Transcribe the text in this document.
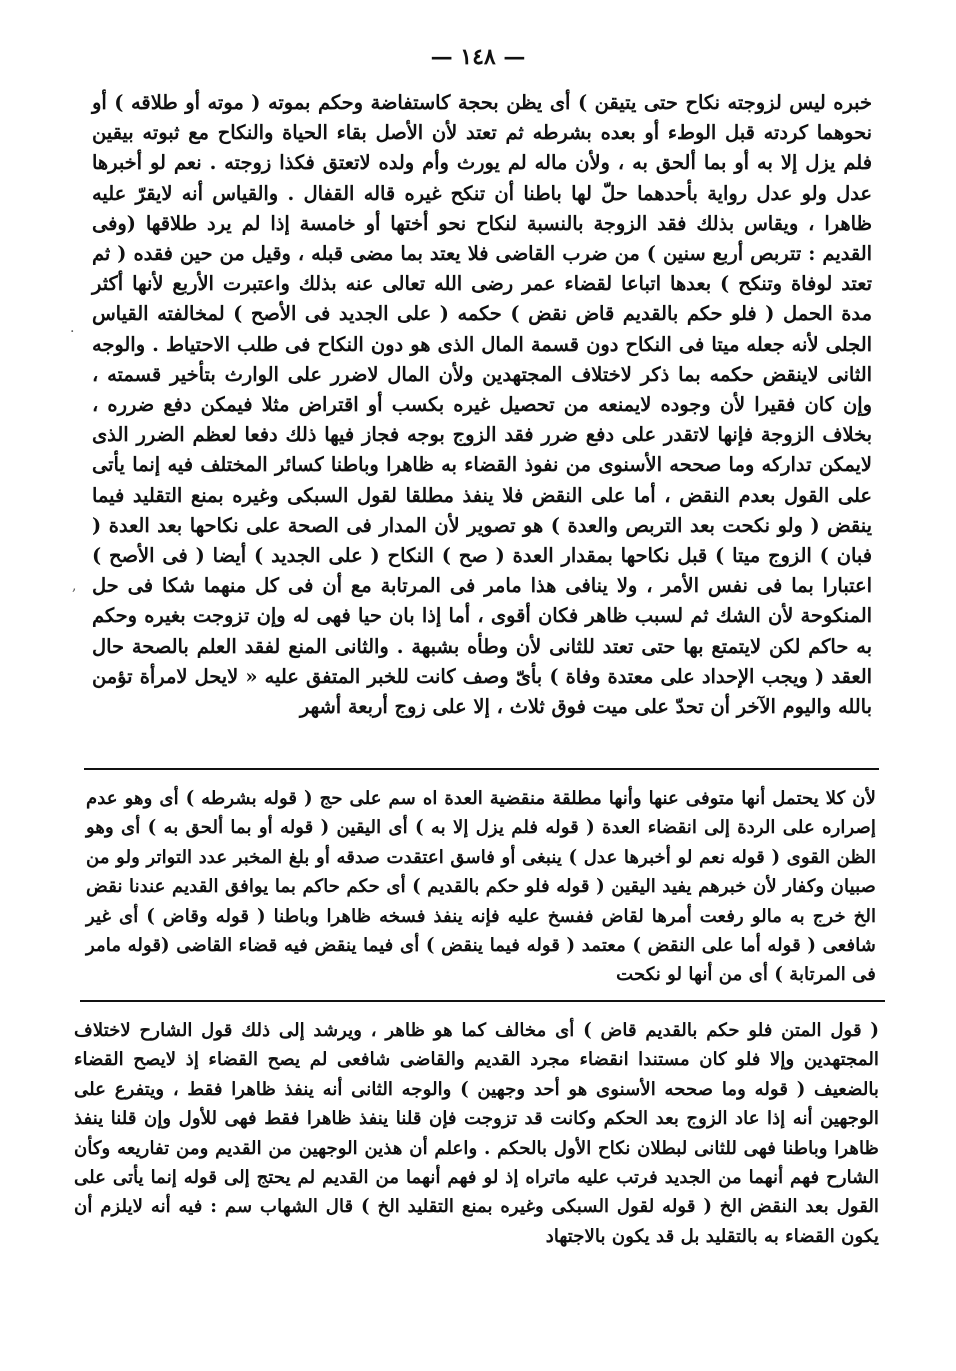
— ١٤٨ —

خبره ليس لزوجته نكاح حتى يتيقن ) أى يظن بحجة كاستفاضة وحكم بموته ( موته أو طلاقه ) أو نحوهما كردته قبل الوطء أو بعده بشرطه ثم تعتد لأن الأصل بقاء الحياة والنكاح مع ثبوته بيقين فلم يزل إلا به أو بما ألحق به ، ولأن ماله لم يورث وأم ولده لاتعتق فكذا زوجته . نعم لو أخبرها عدل ولو عدل رواية بأحدهما حلّ لها باطنا أن تنكح غيره قاله القفال . والقياس أنه لايقرّ عليه ظاهرا ، ويقاس بذلك فقد الزوجة بالنسبة لنكاح نحو أختها أو خامسة إذا لم يرد طلاقها (وفى القديم : تتربص أربع سنين ) من ضرب القاضى فلا يعتد بما مضى قبله ، وقيل من حين فقده ( ثم تعتد لوفاة وتنكح ) بعدها اتباعا لقضاء عمر رضى الله تعالى عنه بذلك واعتبرت الأربع لأنها أكثر مدة الحمل ( فلو حكم بالقديم قاض نقض ) حكمه ( على الجديد فى الأصح ) لمخالفته القياس الجلى لأنه جعله ميتا فى النكاح دون قسمة المال الذى هو دون النكاح فى طلب الاحتياط . والوجه الثانى لاينقض حكمه بما ذكر لاختلاف المجتهدين ولأن المال لاضرر على الوارث بتأخير قسمته ، وإن كان فقيرا لأن وجوده لايمنعه من تحصيل غيره بكسب أو اقتراض مثلا فيمكن دفع ضرره ، بخلاف الزوجة فإنها لاتقدر على دفع ضرر فقد الزوج بوجه فجاز فيها ذلك دفعا لعظم الضرر الذى لايمكن تداركه وما صححه الأسنوى من نفوذ القضاء به ظاهرا وباطنا كسائر المختلف فيه إنما يأتى على القول بعدم النقض ، أما على النقض فلا ينفذ مطلقا لقول السبكى وغيره بمنع التقليد فيما ينقض ( ولو نكحت بعد التربص والعدة ) هو تصوير لأن المدار فى الصحة على نكاحها بعد العدة ( فبان ) الزوج ميتا ) قبل نكاحها بمقدار العدة ( صح ) النكاح ( على الجديد ) أيضا ( فى الأصح ) اعتبارا بما فى نفس الأمر ، ولا ينافى هذا مامر فى المرتابة مع أن فى كل منهما شكا فى حل المنكوحة لأن الشك ثم لسبب ظاهر فكان أقوى ، أما إذا بان حيا فهى له وإن تزوجت بغيره وحكم به حاكم لكن لايتمتع بها حتى تعتد للثانى لأن وطأه بشبهة . والثانى المنع لفقد العلم بالصحة حال العقد ( ويجب الإحداد على معتدة وفاة ) بأىّ وصف كانت للخبر المتفق عليه « لايحل لامرأة تؤمن بالله واليوم الآخر أن تحدّ على ميت فوق ثلاث ، إلا على زوج أربعة أشهر

لأن كلا يحتمل أنها متوفى عنها وأنها مطلقة منقضية العدة اه سم على حج ( قوله بشرطه ) أى وهو عدم إصراره على الردة إلى انقضاء العدة ( قوله فلم يزل إلا به ) أى اليقين ( قوله أو بما ألحق به ) أى وهو الظن القوى ( قوله نعم لو أخبرها عدل ) ينبغى أو فاسق اعتقدت صدقه أو بلغ المخبر عدد التواتر ولو من صبيان وكفار لأن خبرهم يفيد اليقين ( قوله فلو حكم بالقديم ) أى حكم حاكم بما يوافق القديم عندنا نقض الخ خرج به مالو رفعت أمرها لقاض ففسخ عليه فإنه ينفذ فسخه ظاهرا وباطنا ( قوله وقاض ) أى غير شافعى ( قوله أما على النقض ) معتمد ( قوله فيما ينقض ) أى فيما ينقض فيه قضاء القاضى (قوله مامر فى المرتابة ) أى من أنها لو نكحت

( قول المتن فلو حكم بالقديم قاض ) أى مخالف كما هو ظاهر ، ويرشد إلى ذلك قول الشارح لاختلاف المجتهدين وإلا فلو كان مستندا انقضاء مجرد القديم والقاضى شافعى لم يصح القضاء إذ لايصح القضاء بالضعيف ( قوله وما صححه الأسنوى هو أحد وجهين ) والوجه الثانى أنه ينفذ ظاهرا فقط ، ويتفرع على الوجهين أنه إذا عاد الزوج بعد الحكم وكانت قد تزوجت فإن قلنا ينفذ ظاهرا فقط فهى للأول وإن قلنا ينفذ ظاهرا وباطنا فهى للثانى لبطلان نكاح الأول بالحكم . واعلم أن هذين الوجهين من القديم ومن تفاريعه وكأن الشارح فهم أنهما من الجديد فرتب عليه ماتراه إذ لو فهم أنهما من القديم لم يحتج إلى قوله إنما يأتى على القول بعد النقض الخ ( قوله لقول السبكى وغيره بمنع التقليد الخ ) قال الشهاب سم : فيه أنه لايلزم أن يكون القضاء به بالتقليد بل قد يكون بالاجتهاد

.
,
